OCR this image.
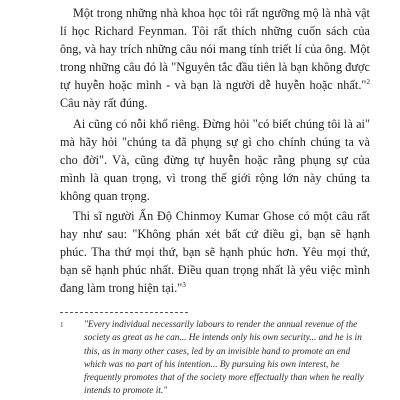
Một trong những nhà khoa học tôi rất ngưỡng mộ là nhà vật lí học Richard Feynman. Tôi rất thích những cuốn sách của ông, và hay trích những câu nói mang tính triết lí của ông. Một trong những câu đó là "Nguyên tắc đầu tiên là bạn không được tự huyễn hoặc mình - và bạn là người dễ huyễn hoặc nhất."$^2$ Câu này rất đúng.

Ai cũng có nỗi khổ riêng. Đừng hỏi "có biết chúng tôi là ai" mà hãy hỏi "chúng ta đã phụng sự gì cho chính chúng ta và cho đời". Và, cũng đừng tự huyễn hoặc rằng phụng sự của mình là quan trọng, vì trong thế giới rộng lớn này chúng ta không quan trọng.

Thi sĩ người Ấn Độ Chinmoy Kumar Ghose có một câu rất hay như sau: "Không phán xét bất cứ điều gì, bạn sẽ hạnh phúc. Tha thứ mọi thứ, bạn sẽ hạnh phúc hơn. Yêu mọi thứ, bạn sẽ hạnh phúc nhất. Điều quan trọng nhất là yêu việc mình đang làm trong hiện tại."$^3$

1 "Every individual necessarily labours to render the annual revenue of the society as great as he can... He intends only his own security... and he is in this, as in many other cases, led by an invisible hand to promote an end which was no part of his intention... By pursuing his own interest, he frequently promotes that of the society more effectually than when he really intends to promote it."
